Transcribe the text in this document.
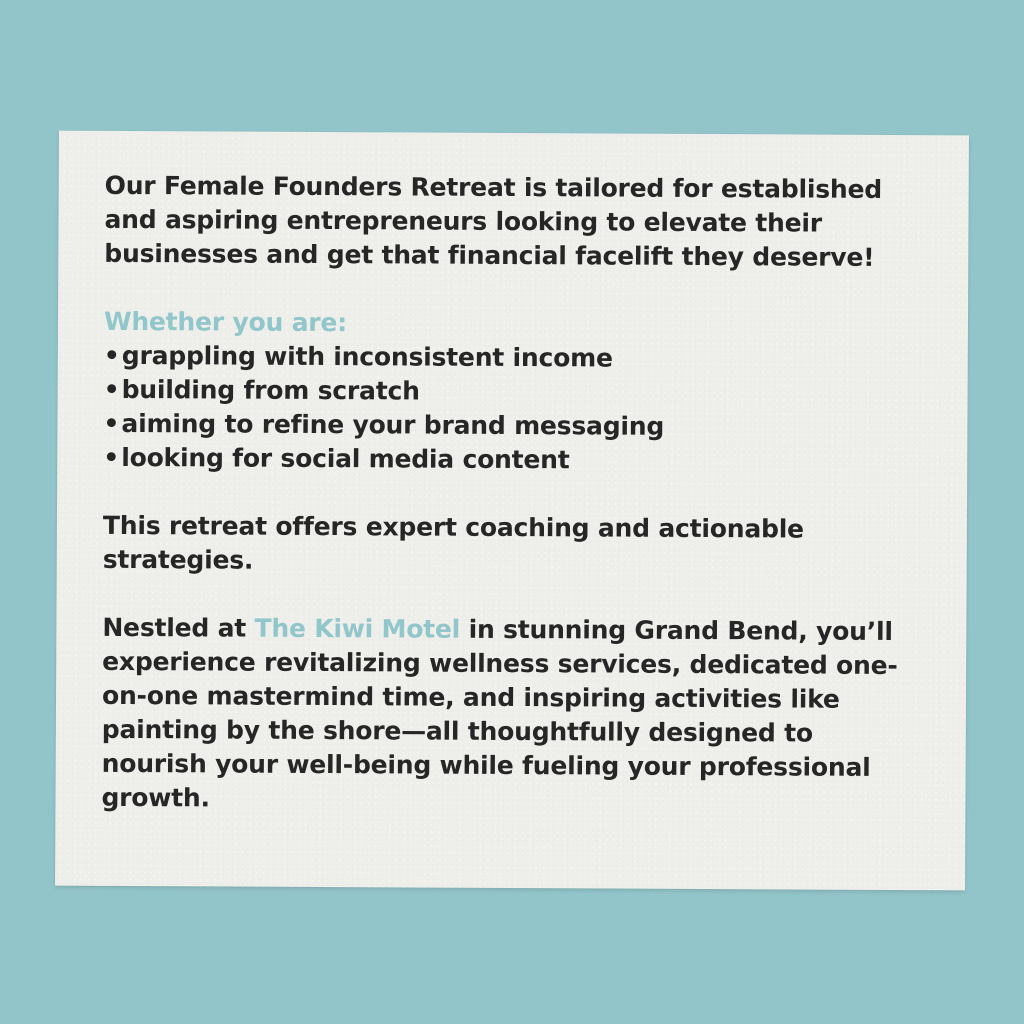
Our Female Founders Retreat is tailored for established and aspiring entrepreneurs looking to elevate their businesses and get that financial facelift they deserve!

Whether you are:

•grappling with inconsistent income
•building from scratch
•aiming to refine your brand messaging
•looking for social media content

This retreat offers expert coaching and actionable strategies.

Nestled at The Kiwi Motel in stunning Grand Bend, you’ll experience revitalizing wellness services, dedicated one-on-one mastermind time, and inspiring activities like painting by the shore—all thoughtfully designed to nourish your well-being while fueling your professional growth.
